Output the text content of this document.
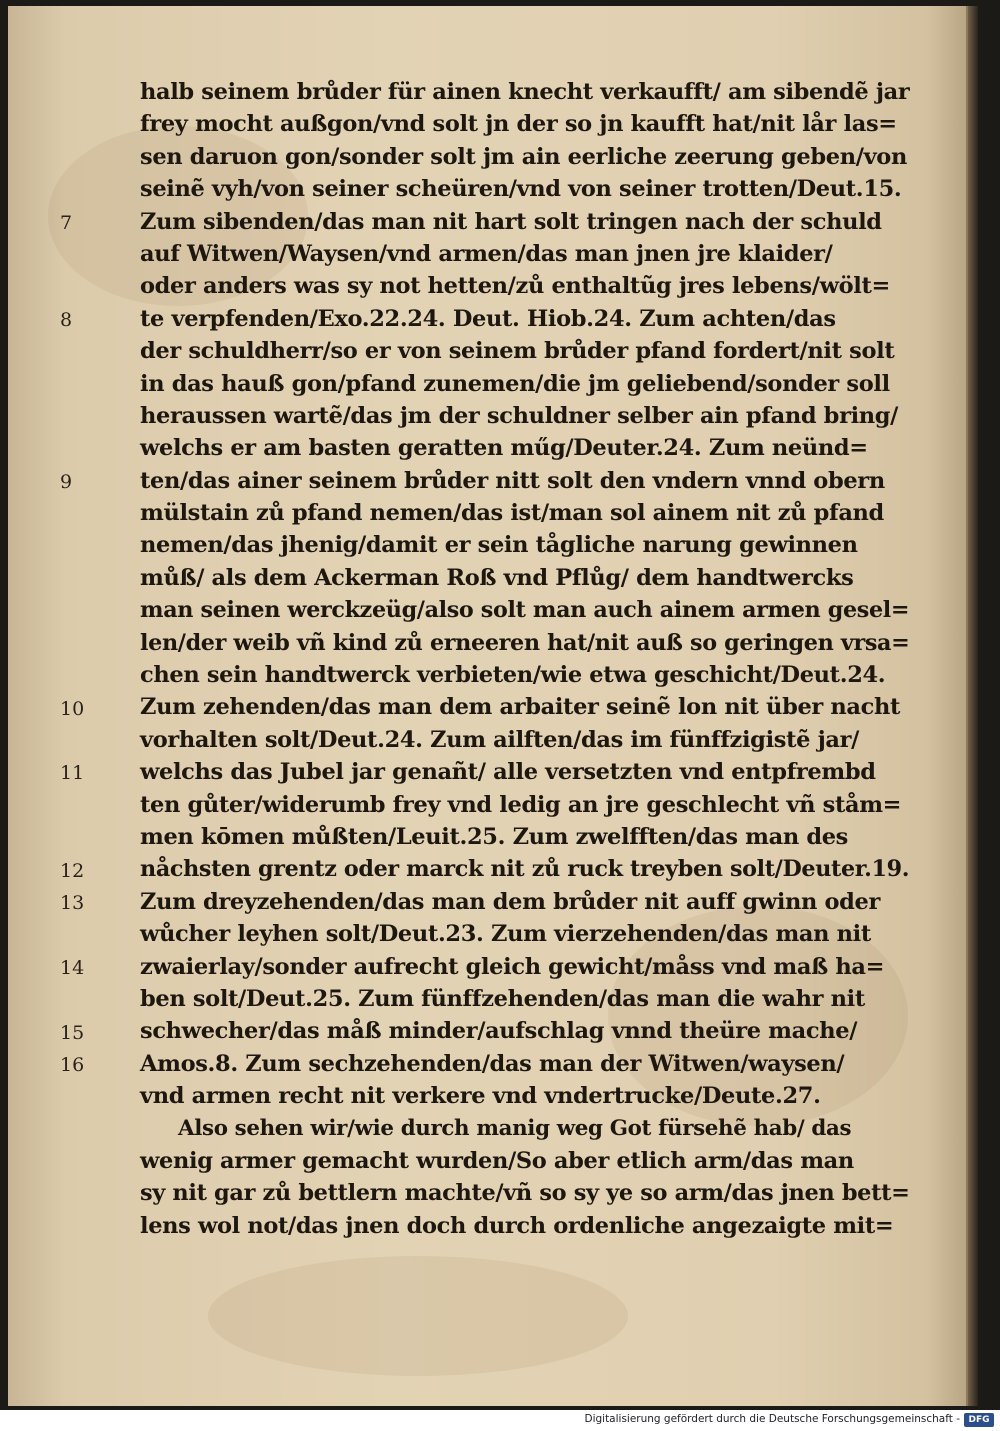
halb seinem brůder für ainen knecht verkaufft/ am sibendẽ jar
frey mocht außgon/vnd solt jn der so jn kaufft hat/nit lår las=
sen daruon gon/sonder solt jm ain eerliche zeerung geben/von
seinẽ vyh/von seiner scheüren/vnd von seiner trotten/Deut.15.
Zum sibenden/das man nit hart solt tringen nach der schuld
auf Witwen/Waysen/vnd armen/das man jnen jre klaider/
oder anders was sy not hetten/zů enthaltũg jres lebens/wölt=
te verpfenden/Exo.22.24. Deut. Hiob.24. Zum achten/das
der schuldherr/so er von seinem brůder pfand fordert/nit solt
in das hauß gon/pfand zunemen/die jm geliebend/sonder soll
heraussen wartẽ/das jm der schuldner selber ain pfand bring/
welchs er am basten geratten műg/Deuter.24. Zum neünd=
ten/das ainer seinem brůder nitt solt den vndern vnnd obern
mülstain zů pfand nemen/das ist/man sol ainem nit zů pfand
nemen/das jhenig/damit er sein tågliche narung gewinnen
můß/ als dem Ackerman Roß vnd Pflůg/ dem handtwercks
man seinen werckzeüg/also solt man auch ainem armen gesel=
len/der weib vñ kind zů erneeren hat/nit auß so geringen vrsa=
chen sein handtwerck verbieten/wie etwa geschicht/Deut.24.
Zum zehenden/das man dem arbaiter seinẽ lon nit über nacht
vorhalten solt/Deut.24. Zum ailften/das im fünffzigistẽ jar/
welchs das Jubel jar genañt/ alle versetzten vnd entpfrembd
ten gůter/widerumb frey vnd ledig an jre geschlecht vñ ståm=
men kōmen můßten/Leuit.25. Zum zwelfften/das man des
nåchsten grentz oder marck nit zů ruck treyben solt/Deuter.19.
Zum dreyzehenden/das man dem brůder nit auff gwinn oder
wůcher leyhen solt/Deut.23. Zum vierzehenden/das man nit
zwaierlay/sonder aufrecht gleich gewicht/måss vnd maß ha=
ben solt/Deut.25. Zum fünffzehenden/das man die wahr nit
schwecher/das måß minder/aufschlag vnnd theüre mache/
Amos.8. Zum sechzehenden/das man der Witwen/waysen/
vnd armen recht nit verkere vnd vndertrucke/Deute.27.
Also sehen wir/wie durch manig weg Got fürsehẽ hab/ das
wenig armer gemacht wurden/So aber etlich arm/das man
sy nit gar zů bettlern machte/vñ so sy ye so arm/das jnen bett=
lens wol not/das jnen doch durch ordenliche angezaigte mit=
7
8
9
10
11
12
13
14
15
16
Digitalisierung gefördert durch die Deutsche Forschungsgemeinschaft - DFG
